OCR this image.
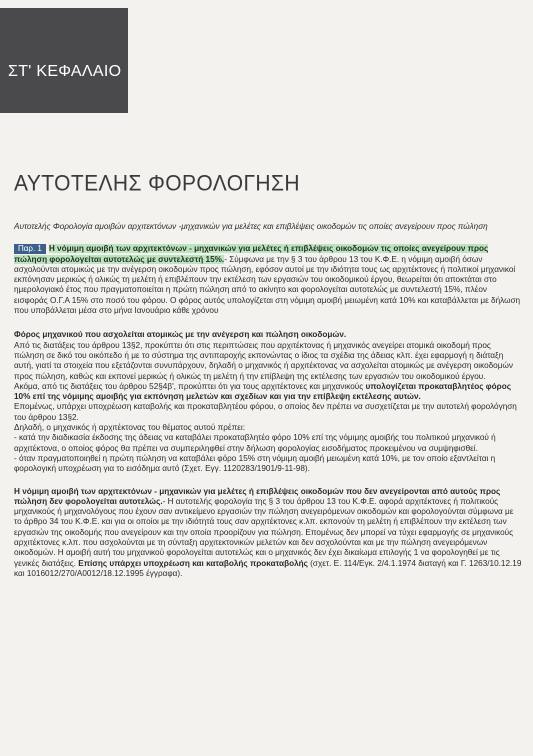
ΣΤ' ΚΕΦΑΛΑΙΟ
ΑΥΤΟΤΕΛΗΣ ΦΟΡΟΛΟΓΗΣΗ

Αυτοτελής Φορολογία αμοιβών αρχιτεκτόνων -μηχανικών για μελέτες και επιβλέψεις οικοδομών τις οποίες ανεγείρουν προς πώληση

Παρ. 1 Η νόμιμη αμοιβή των αρχιτεκτόνων - μηχανικών για μελέτες ή επιβλέψεις οικοδομών τις οποίες ανεγείρουν προς πώληση φορολογείται αυτοτελώς με συντελεστή 15%.- Σύμφωνα με την § 3 του άρθρου 13 του Κ.Φ.Ε. η νόμιμη αμοιβή όσων ασχολούνται ατομικώς με την ανέγερση οικοδομών προς πώληση, εφόσον αυτοί με την ιδιότητα τους ως αρχιτέκτονες ή πολιτικοί μηχανικοί εκπόνησαν μερικώς ή ολικώς τη μελέτη ή επιβλέπουν την εκτέλεση των εργασιών του οικοδομικού έργου, θεωρείται ότι αποκτάται στο ημερολογιακό έτος που πραγματοποιείται η πρώτη πώληση από το ακίνητο και φορολογείται αυτοτελώς με συντελεστή 15%, πλέον εισφοράς Ο.Γ.Α 15% στο ποσό του φόρου. Ο φόρος αυτός υπολογίζεται στη νόμιμη αμοιβή μειωμένη κατά 10% και καταβάλλεται με δήλωση που υποβάλλεται μέσα στο μήνα Ιανουάριο κάθε χρόνου

Φόρος μηχανικού που ασχολείται ατομικώς με την ανέγερση και πώληση οικοδομών.

Από τις διατάξεις του άρθρου 13§2, προκύπτει ότι στις περιπτώσεις που αρχιτέκτονας ή μηχανικός ανεγείρει ατομικά οικοδομή προς πώληση σε δικό του οικόπεδο ή με το σύστημα της αντιπαροχής εκπονώντας ο ίδιος τα σχέδια της άδειας κλπ. έχει εφαρμογή η διάταξη αυτή, γιατί τα στοιχεία που εξετάζονται συνυπάρχουν, δηλαδή ο μηχανικός ή αρχιτέκτονας να ασχολείται ατομικώς με ανέγερση οικοδομών προς πώληση, καθώς και εκπονεί μερικώς ή ολικώς τη μελέτη ή την επίβλεψη της εκτέλεσης των εργασιών του οικοδομικού έργου.

Ακόμα, από τις διατάξεις του άρθρου 52§4β', προκύπτει ότι για τους αρχιτέκτονες και μηχανικούς υπολογίζεται προκαταβλητέος φόρος 10% επί της νόμιμης αμοιβής για εκπόνηση μελετών και σχεδίων και για την επίβλεψη εκτέλεσης αυτών.

Επομένως, υπάρχει υποχρέωση καταβολής και προκαταβλητέου φόρου, ο οποίος δεν πρέπει να συσχετίζεται με την αυτοτελή φορολόγηση του άρθρου 13§2.

Δηλαδή, ο μηχανικός ή αρχιτέκτονας του θέματος αυτού πρέπει:

- κατά την διαδικασία έκδοσης της άδειας να καταβάλει προκαταβλητέο φόρο 10% επί της νόμιμης αμοιβής του πολιτικού μηχανικού ή αρχιτέκτονα, ο οποίος φόρος θα πρέπει να συμπεριληφθεί στην δήλωση φορολογίας εισοδήματος προκειμένου να συμψηφισθεί.

- όταν πραγματοποιηθεί η πρώτη πώληση να καταβάλει φόρο 15% στη νόμιμη αμοιβή μειωμένη κατά 10%, με τον οποίο εξαντλείται η φορολογική υποχρέωση για το εισόδημα αυτό (Σχετ. Εγγ. 1120283/1901/9-11-98).

Η νόμιμη αμοιβή των αρχιτεκτόνων - μηχανικών για μελέτες ή επιβλέψεις οικοδομών που δεν ανεγείρονται από αυτούς προς πώληση δεν φορολογείται αυτοτελώς.- Η αυτοτελής φορολογία της § 3 του άρθρου 13 του Κ.Φ.Ε. αφορά αρχιτέκτονες ή πολιτικούς μηχανικούς ή μηχανολόγους που έχουν σαν αντικείμενο εργασιών την πώληση ανεγειρόμενων οικοδομών και φορολογούνται σύμφωνα με το άρθρο 34 του Κ.Φ.Ε. και για οι οποίοι με την ιδιότητά τους σαν αρχιτέκτονες κ.λπ. εκπονούν τη μελέτη ή επιβλέπουν την εκτέλεση των εργασιών της οικοδομής που ανεγείρουν και την οποία προορίζουν για πώληση. Επομένως δεν μπορεί να τύχει εφαρμογής σε μηχανικούς αρχιτέκτονες κ.λπ. που ασχολούνται με τη σύνταξη αρχιτεκτονικών μελετών και δεν ασχολούνται και με την πώληση ανεγειρόμενων οικοδομών. Η αμοιβή αυτή του μηχανικού φορολογείται αυτοτελώς και ο μηχανικός δεν έχει δικαίωμα επιλογής 1 να φορολογηθεί με τις γενικές διατάξεις. Επίσης υπάρχει υποχρέωση και καταβολής προκαταβολής (σχετ. Ε. 114/Εγκ. 2/4.1.1974 διαταγή και Γ. 1263/10.12.19 και 1016012/270/Α0012/18.12.1995 έγγραφα).
